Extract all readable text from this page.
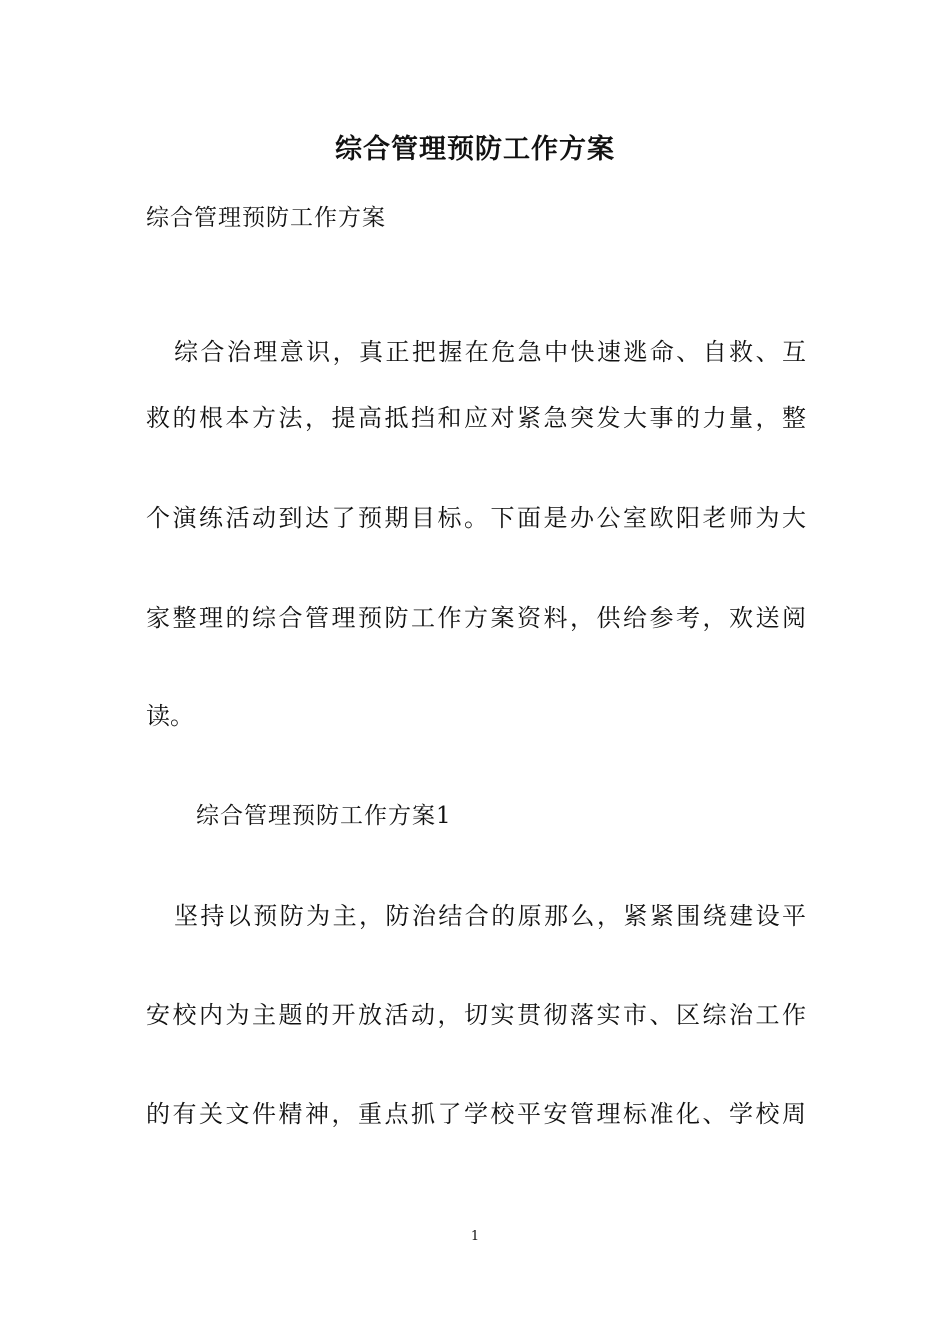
综合管理预防工作方案
综合管理预防工作方案
综合治理意识，真正把握在危急中快速逃命、自救、互
救的根本方法，提高抵挡和应对紧急突发大事的力量，整
个演练活动到达了预期目标。下面是办公室欧阳老师为大
家整理的综合管理预防工作方案资料，供给参考，欢送阅
读。
综合管理预防工作方案1
坚持以预防为主，防治结合的原那么，紧紧围绕建设平
安校内为主题的开放活动，切实贯彻落实市、区综治工作
的有关文件精神，重点抓了学校平安管理标准化、学校周
1
